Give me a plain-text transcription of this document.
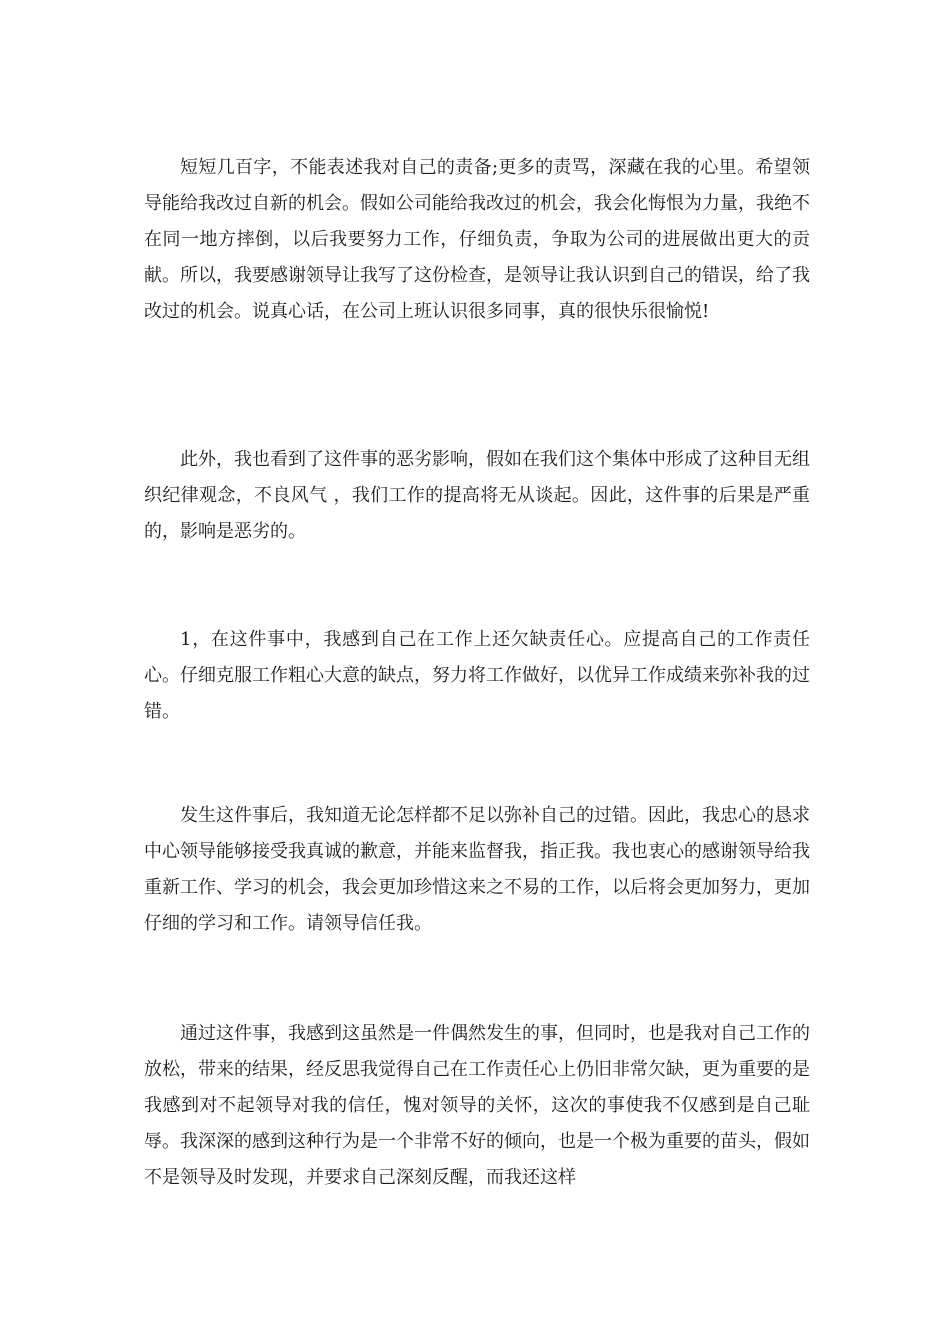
短短几百字，不能表述我对自己的责备;更多的责骂，深藏在我的心里。希望领导能给我改过自新的机会。假如公司能给我改过的机会，我会化悔恨为力量，我绝不在同一地方摔倒，以后我要努力工作，仔细负责，争取为公司的进展做出更大的贡献。所以，我要感谢领导让我写了这份检查，是领导让我认识到自己的错误，给了我改过的机会。说真心话，在公司上班认识很多同事，真的很快乐很愉悦!

此外，我也看到了这件事的恶劣影响，假如在我们这个集体中形成了这种目无组织纪律观念，不良风气 ，我们工作的提高将无从谈起。因此，这件事的后果是严重的，影响是恶劣的。

1，在这件事中，我感到自己在工作上还欠缺责任心。应提高自己的工作责任心。仔细克服工作粗心大意的缺点，努力将工作做好，以优异工作成绩来弥补我的过错。

发生这件事后，我知道无论怎样都不足以弥补自己的过错。因此，我忠心的恳求中心领导能够接受我真诚的歉意，并能来监督我，指正我。我也衷心的感谢领导给我重新工作、学习的机会，我会更加珍惜这来之不易的工作，以后将会更加努力，更加仔细的学习和工作。请领导信任我。

通过这件事，我感到这虽然是一件偶然发生的事，但同时，也是我对自己工作的放松，带来的结果，经反思我觉得自己在工作责任心上仍旧非常欠缺，更为重要的是我感到对不起领导对我的信任，愧对领导的关怀，这次的事使我不仅感到是自己耻辱。我深深的感到这种行为是一个非常不好的倾向，也是一个极为重要的苗头，假如不是领导及时发现，并要求自己深刻反醒，而我还这样
